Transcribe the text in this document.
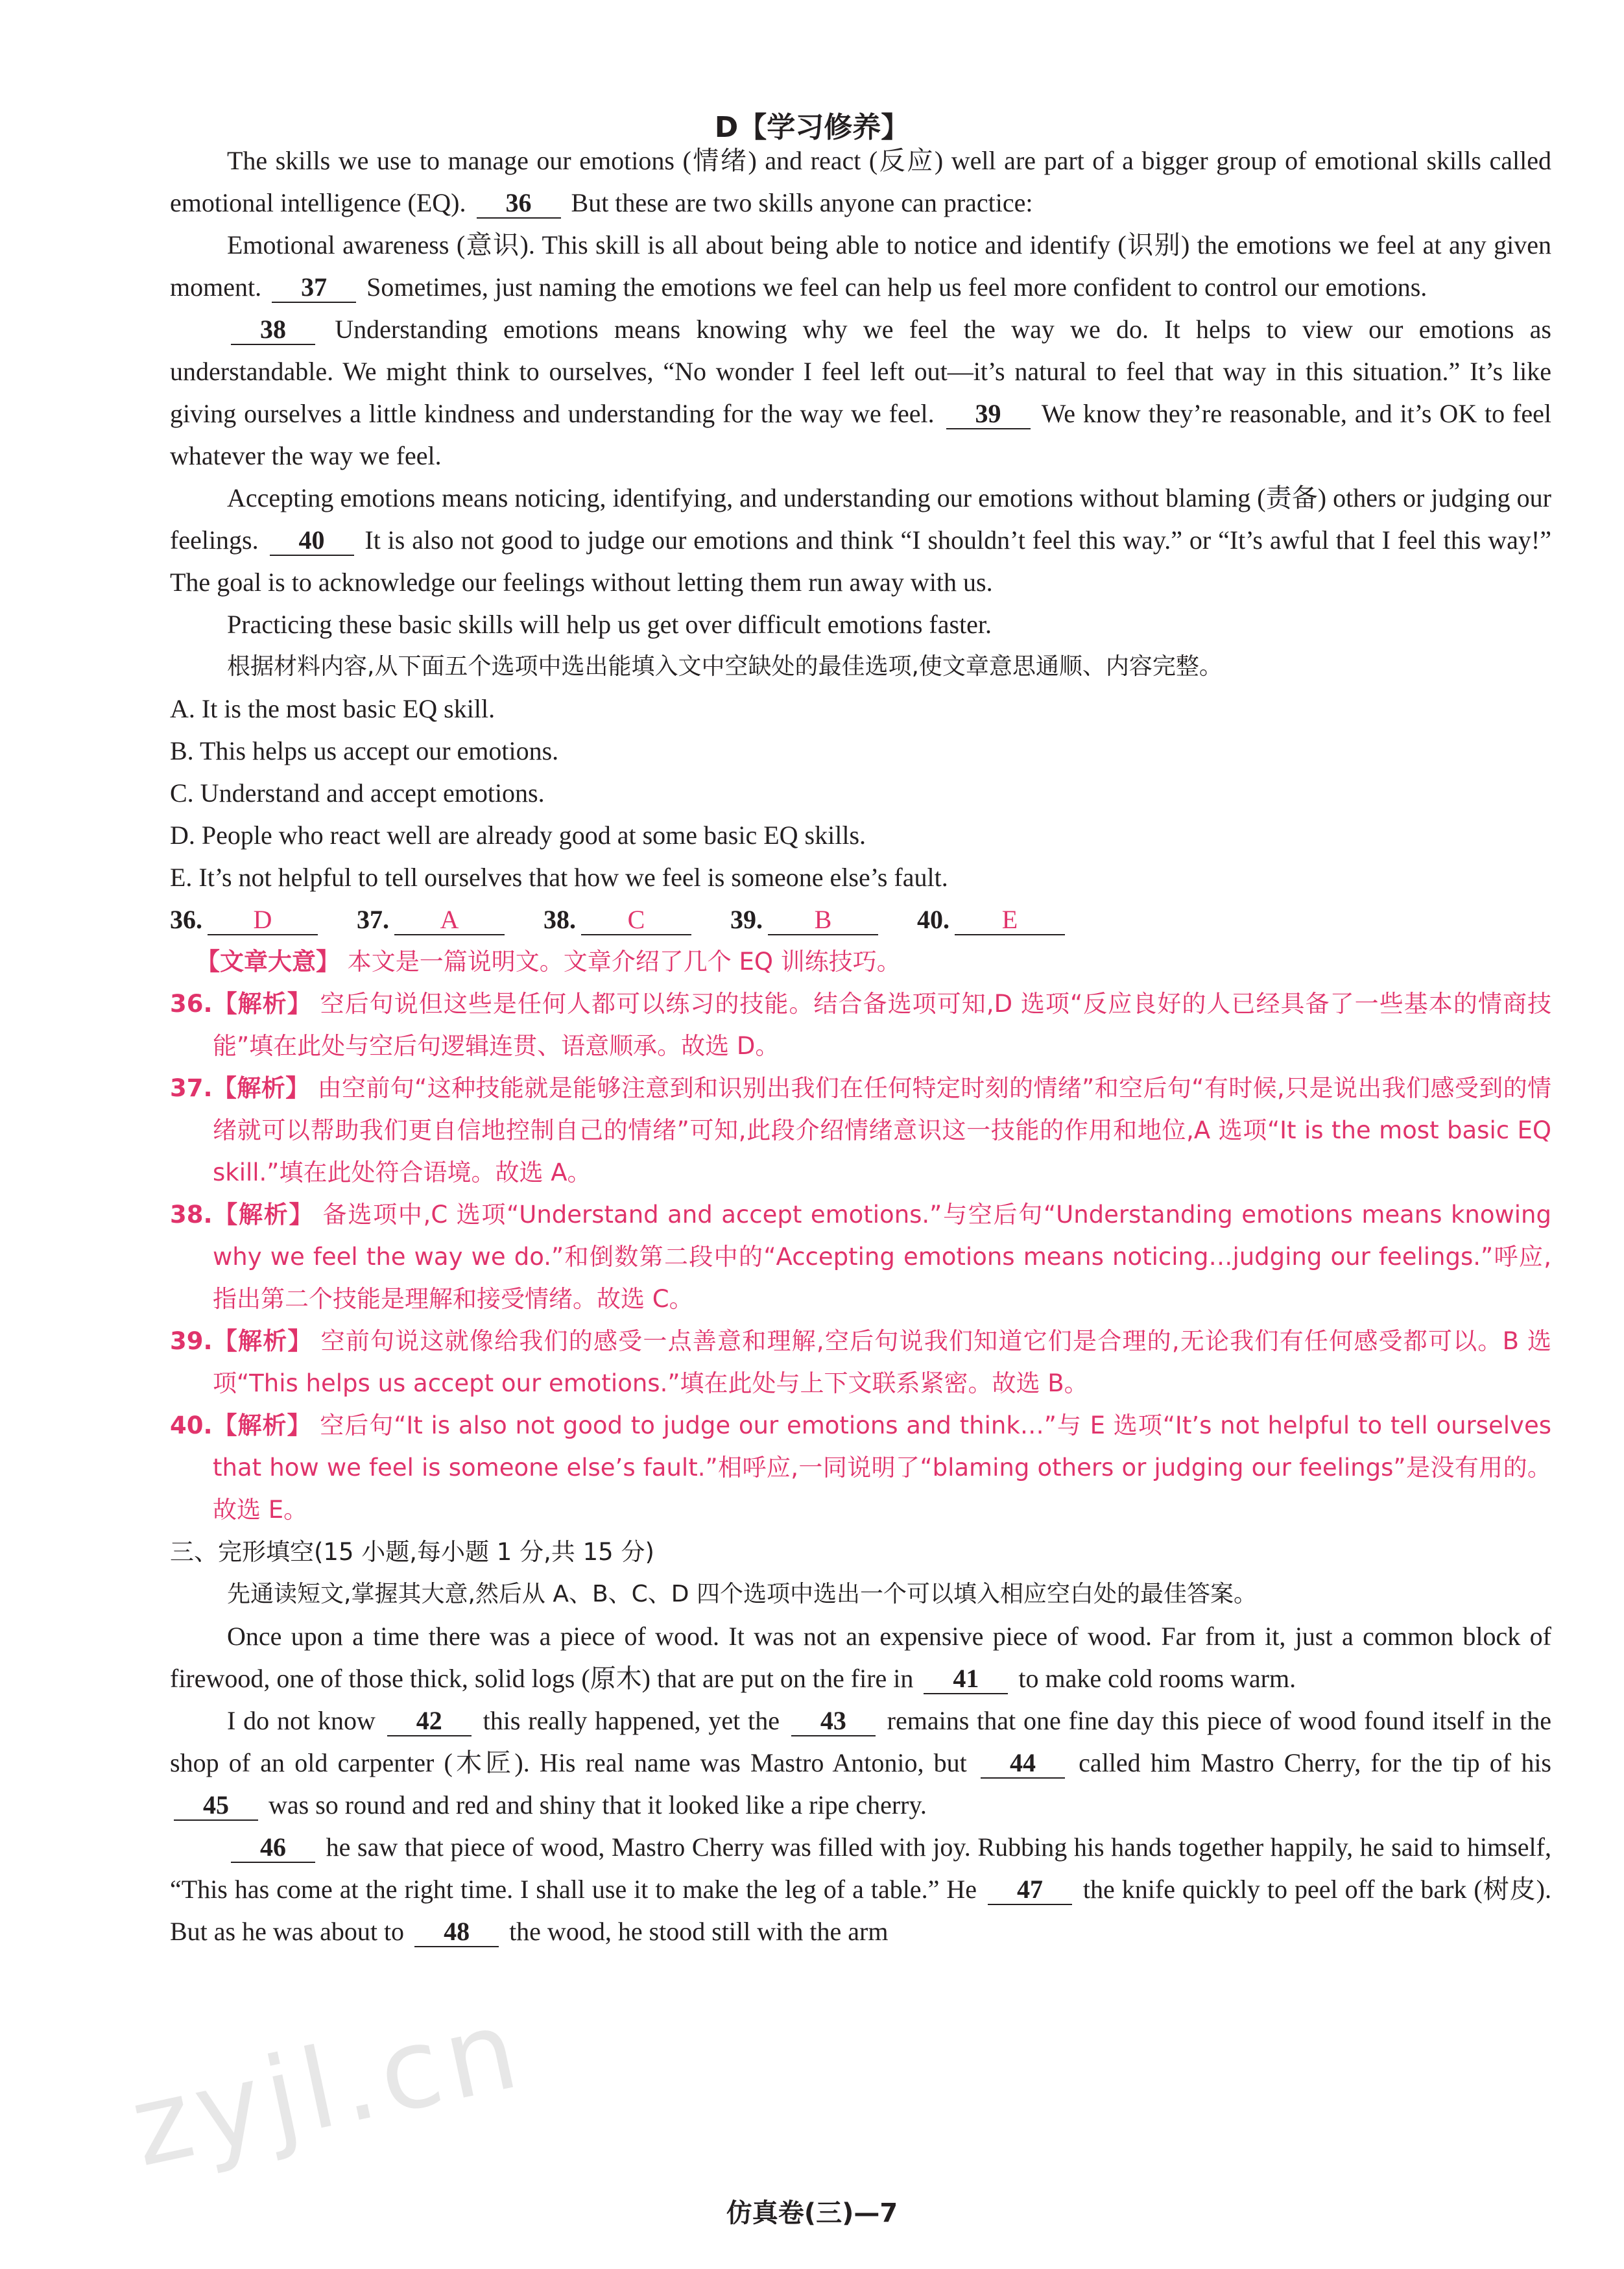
D【学习修养】

The skills we use to manage our emotions (情绪) and react (反应) well are part of a bigger group of emotional skills called emotional intelligence (EQ). 36 But these are two skills anyone can practice:

Emotional awareness (意识). This skill is all about being able to notice and identify (识别) the emotions we feel at any given moment. 37 Sometimes, just naming the emotions we feel can help us feel more confident to control our emotions.

38 Understanding emotions means knowing why we feel the way we do. It helps to view our emotions as understandable. We might think to ourselves, “No wonder I feel left out—it’s natural to feel that way in this situation.” It’s like giving ourselves a little kindness and understanding for the way we feel. 39 We know they’re reasonable, and it’s OK to feel whatever the way we feel.

Accepting emotions means noticing, identifying, and understanding our emotions without blaming (责备) others or judging our feelings. 40 It is also not good to judge our emotions and think “I shouldn’t feel this way.” or “It’s awful that I feel this way!” The goal is to acknowledge our feelings without letting them run away with us.

Practicing these basic skills will help us get over difficult emotions faster.

根据材料内容,从下面五个选项中选出能填入文中空缺处的最佳选项,使文章意思通顺、内容完整。

A. It is the most basic EQ skill.

B. This helps us accept our emotions.

C. Understand and accept emotions.

D. People who react well are already good at some basic EQ skills.

E. It’s not helpful to tell ourselves that how we feel is someone else’s fault.

36.	D	37.	A	38.	C	39.	B	40.	E

【文章大意】 本文是一篇说明文。文章介绍了几个 EQ 训练技巧。

36.【解析】 空后句说但这些是任何人都可以练习的技能。结合备选项可知,D 选项“反应良好的人已经具备了一些基本的情商技能”填在此处与空后句逻辑连贯、语意顺承。故选 D。

37.【解析】 由空前句“这种技能就是能够注意到和识别出我们在任何特定时刻的情绪”和空后句“有时候,只是说出我们感受到的情绪就可以帮助我们更自信地控制自己的情绪”可知,此段介绍情绪意识这一技能的作用和地位,A 选项“It is the most basic EQ skill.”填在此处符合语境。故选 A。

38.【解析】 备选项中,C 选项“Understand and accept emotions.”与空后句“Understanding emotions means knowing why we feel the way we do.”和倒数第二段中的“Accepting emotions means noticing…judging our feelings.”呼应,指出第二个技能是理解和接受情绪。故选 C。

39.【解析】 空前句说这就像给我们的感受一点善意和理解,空后句说我们知道它们是合理的,无论我们有任何感受都可以。B 选项“This helps us accept our emotions.”填在此处与上下文联系紧密。故选 B。

40.【解析】 空后句“It is also not good to judge our emotions and think…”与 E 选项“It’s not helpful to tell ourselves that how we feel is someone else’s fault.”相呼应,一同说明了“blaming others or judging our feelings”是没有用的。故选 E。

三、完形填空(15 小题,每小题 1 分,共 15 分)

先通读短文,掌握其大意,然后从 A、B、C、D 四个选项中选出一个可以填入相应空白处的最佳答案。

Once upon a time there was a piece of wood. It was not an expensive piece of wood. Far from it, just a common block of firewood, one of those thick, solid logs (原木) that are put on the fire in 41 to make cold rooms warm.

I do not know 42 this really happened, yet the 43 remains that one fine day this piece of wood found itself in the shop of an old carpenter (木匠). His real name was Mastro Antonio, but 44 called him Mastro Cherry, for the tip of his 45 was so round and red and shiny that it looked like a ripe cherry.

46 he saw that piece of wood, Mastro Cherry was filled with joy. Rubbing his hands together happily, he said to himself, “This has come at the right time. I shall use it to make the leg of a table.” He 47 the knife quickly to peel off the bark (树皮). But as he was about to 48 the wood, he stood still with the arm

zyjl.cn
仿真卷(三)—7
